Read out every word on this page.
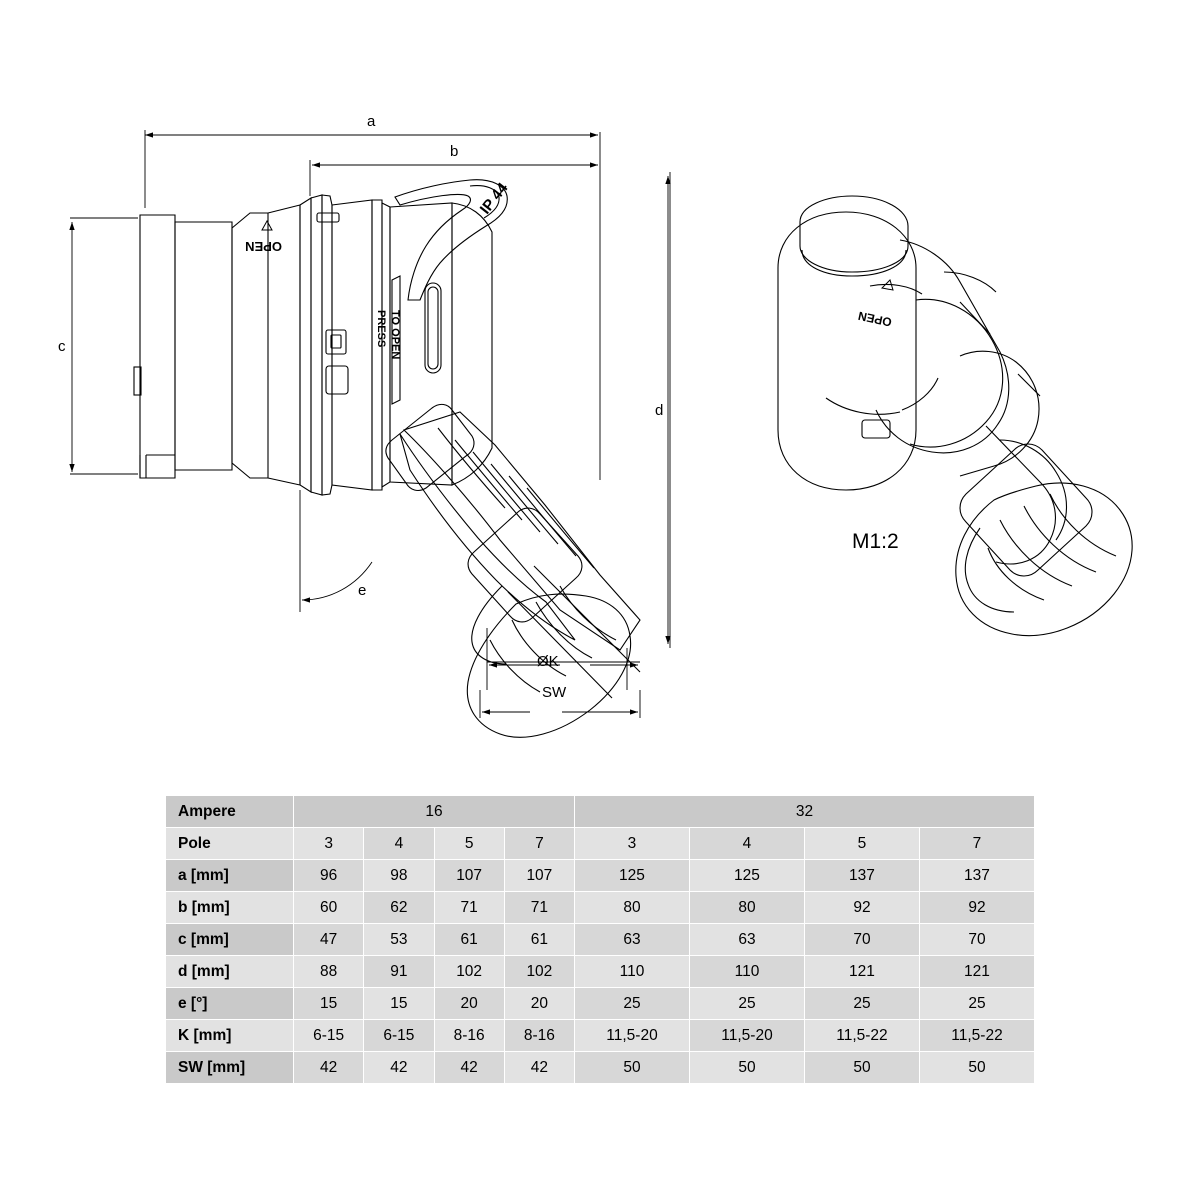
IP 44
OPEN
PRESS TO OPEN	OPEN
a
b
c
d
e
ØK
SW
M1:2
Ampere	16				32			
Pole	3	4	5	7	3	4	5	7
a [mm]	96	98	107	107	125	125	137	137
b [mm]	60	62	71	71	80	80	92	92
c [mm]	47	53	61	61	63	63	70	70
d [mm]	88	91	102	102	110	110	121	121
e [°]	15	15	20	20	25	25	25	25
K [mm]	6-15	6-15	8-16	8-16	11,5-20	11,5-20	11,5-22	11,5-22
SW [mm]	42	42	42	42	50	50	50	50
